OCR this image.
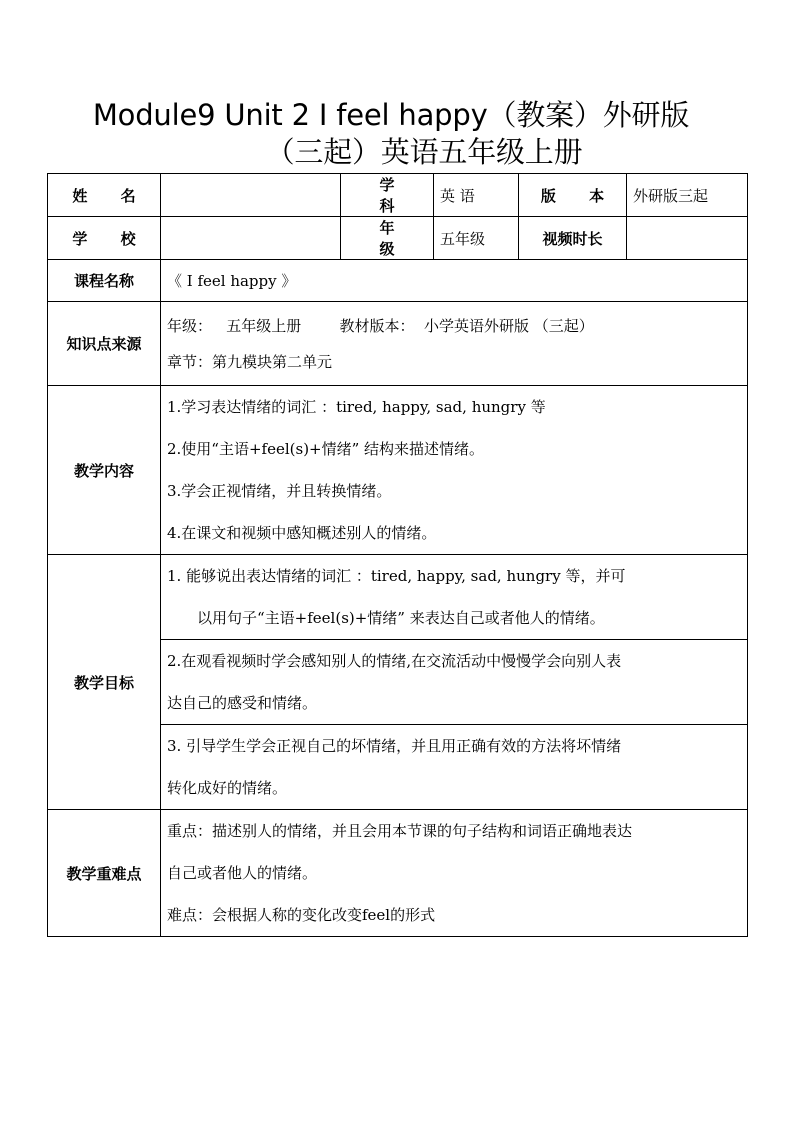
Module9 Unit 2 I feel happy（教案）外研版
（三起）英语五年级上册
姓 名		学 科	英 语	版 本	外研版三起
学 校		年 级	五年级	视频时长	
课程名称	《 I feel happy 》				
知识点来源	年级：   五年级上册        教材版本：  小学英语外研版 （三起）
章节：第九模块第二单元				

教学内容	1.学习表达情绪的词汇 ：tired, happy, sad, hungry 等
2.使用“主语+feel(s)+情绪” 结构来描述情绪。
3.学会正视情绪，并且转换情绪。
4.在课文和视频中感知概述别人的情绪。				

教学目标	1. 能够说出表达情绪的词汇 ：tired, happy, sad, hungry 等，并可
以用句子“主语+feel(s)+情绪” 来表达自己或者他人的情绪。				

	2.在观看视频时学会感知别人的情绪,在交流活动中慢慢学会向别人表
达自己的感受和情绪。				

	3. 引导学生学会正视自己的坏情绪，并且用正确有效的方法将坏情绪
转化成好的情绪。				

教学重难点	重点：描述别人的情绪，并且会用本节课的句子结构和词语正确地表达
自己或者他人的情绪。
难点：会根据人称的变化改变feel的形式				
